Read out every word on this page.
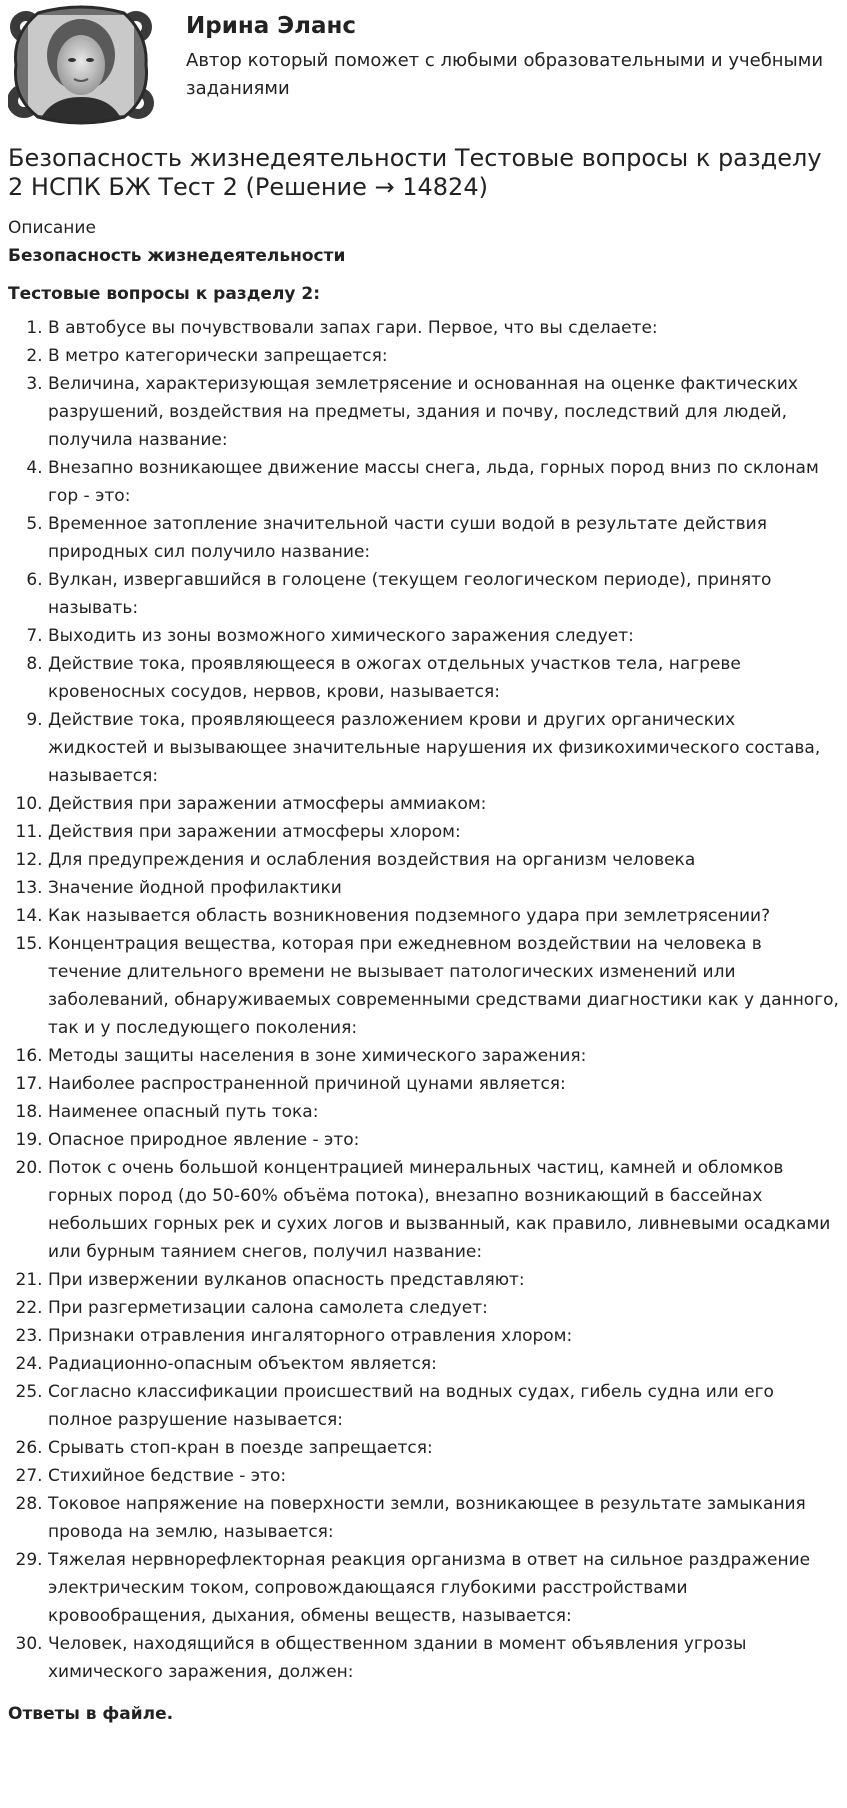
Ирина Эланс

Автор который поможет с любыми образовательными и учебными заданиями
Безопасность жизнедеятельности Тестовые вопросы к разделу 2 НСПК БЖ Тест 2 (Решение → 14824)

Описание

Безопасность жизнедеятельности

Тестовые вопросы к разделу 2:

1. В автобусе вы почувствовали запах гари. Первое, что вы сделаете:
2. В метро категорически запрещается:
3. Величина, характеризующая землетрясение и основанная на оценке фактических разрушений, воздействия на предметы, здания и почву, последствий для людей, получила название:
4. Внезапно возникающее движение массы снега, льда, горных пород вниз по склонам гор - это:
5. Временное затопление значительной части суши водой в результате действия природных сил получило название:
6. Вулкан, извергавшийся в голоцене (текущем геологическом периоде), принято называть:
7. Выходить из зоны возможного химического заражения следует:
8. Действие тока, проявляющееся в ожогах отдельных участков тела, нагреве кровеносных сосудов, нервов, крови, называется:
9. Действие тока, проявляющееся разложением крови и других органических жидкостей и вызывающее значительные нарушения их физикохимического состава, называется:
10. Действия при заражении атмосферы аммиаком:
11. Действия при заражении атмосферы хлором:
12. Для предупреждения и ослабления воздействия на организм человека
13. Значение йодной профилактики
14. Как называется область возникновения подземного удара при землетрясении?
15. Концентрация вещества, которая при ежедневном воздействии на человека в течение длительного времени не вызывает патологических изменений или заболеваний, обнаруживаемых современными средствами диагностики как у данного, так и у последующего поколения:
16. Методы защиты населения в зоне химического заражения:
17. Наиболее распространенной причиной цунами является:
18. Наименее опасный путь тока:
19. Опасное природное явление - это:
20. Поток с очень большой концентрацией минеральных частиц, камней и обломков горных пород (до 50-60% объёма потока), внезапно возникающий в бассейнах небольших горных рек и сухих логов и вызванный, как правило, ливневыми осадками или бурным таянием снегов, получил название:
21. При извержении вулканов опасность представляют:
22. При разгерметизации салона самолета следует:
23. Признаки отравления ингаляторного отравления хлором:
24. Радиационно-опасным объектом является:
25. Согласно классификации происшествий на водных судах, гибель судна или его полное разрушение называется:
26. Срывать стоп-кран в поезде запрещается:
27. Стихийное бедствие - это:
28. Токовое напряжение на поверхности земли, возникающее в результате замыкания провода на землю, называется:
29. Тяжелая нервнорефлекторная реакция организма в ответ на сильное раздражение электрическим током, сопровождающаяся глубокими расстройствами кровообращения, дыхания, обмены веществ, называется:
30. Человек, находящийся в общественном здании в момент объявления угрозы химического заражения, должен:

Ответы в файле.
